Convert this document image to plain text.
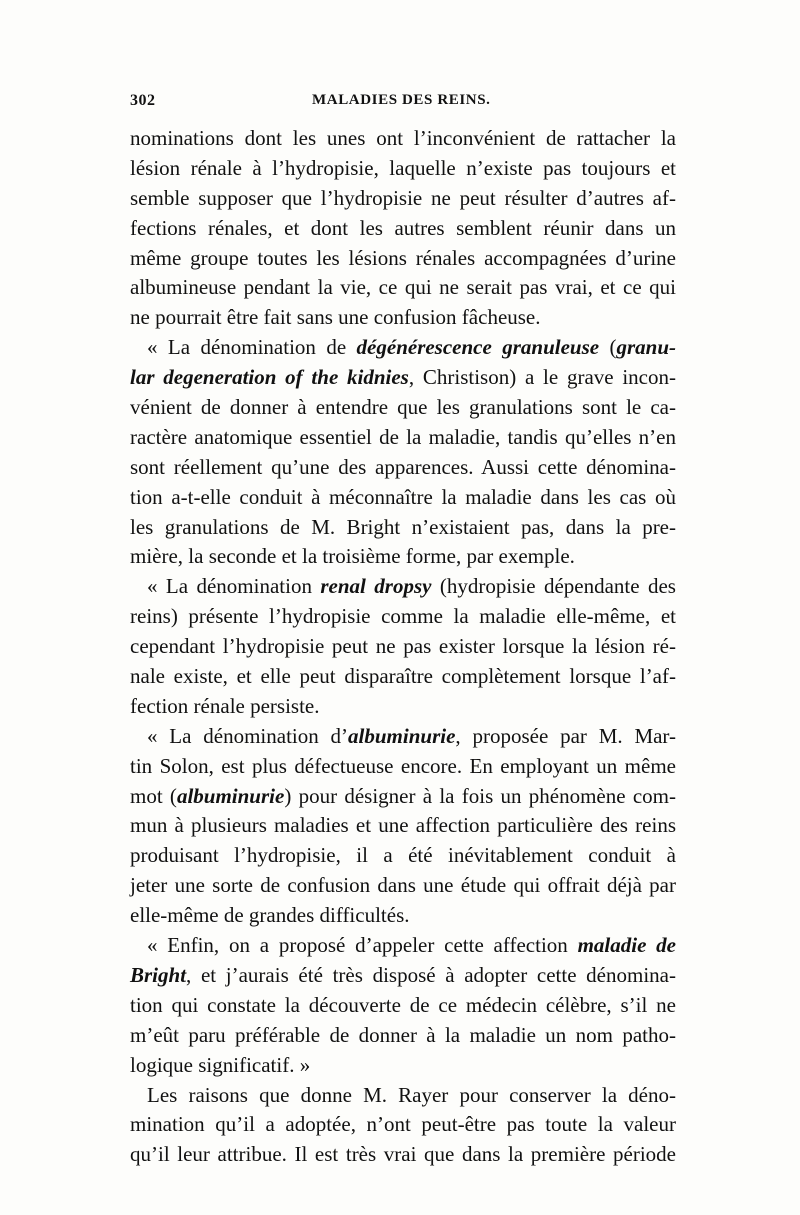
302	MALADIES DES REINS.
nominations dont les unes ont l’inconvénient de rattacher la
lésion rénale à l’hydropisie, laquelle n’existe pas toujours et
semble supposer que l’hydropisie ne peut résulter d’autres af-
fections rénales, et dont les autres semblent réunir dans un
même groupe toutes les lésions rénales accompagnées d’urine
albumineuse pendant la vie, ce qui ne serait pas vrai, et ce qui
ne pourrait être fait sans une confusion fâcheuse.
« La dénomination de dégénérescence granuleuse (granu-
lar degeneration of the kidnies, Christison) a le grave incon-
vénient de donner à entendre que les granulations sont le ca-
ractère anatomique essentiel de la maladie, tandis qu’elles n’en
sont réellement qu’une des apparences. Aussi cette dénomina-
tion a-t-elle conduit à méconnaître la maladie dans les cas où
les granulations de M. Bright n’existaient pas, dans la pre-
mière, la seconde et la troisième forme, par exemple.
« La dénomination renal dropsy (hydropisie dépendante des
reins) présente l’hydropisie comme la maladie elle-même, et
cependant l’hydropisie peut ne pas exister lorsque la lésion ré-
nale existe, et elle peut disparaître complètement lorsque l’af-
fection rénale persiste.
« La dénomination d’albuminurie, proposée par M. Mar-
tin Solon, est plus défectueuse encore. En employant un même
mot (albuminurie) pour désigner à la fois un phénomène com-
mun à plusieurs maladies et une affection particulière des reins
produisant l’hydropisie, il a été inévitablement conduit à
jeter une sorte de confusion dans une étude qui offrait déjà par
elle-même de grandes difficultés.
« Enfin, on a proposé d’appeler cette affection maladie de
Bright, et j’aurais été très disposé à adopter cette dénomina-
tion qui constate la découverte de ce médecin célèbre, s’il ne
m’eût paru préférable de donner à la maladie un nom patho-
logique significatif. »
Les raisons que donne M. Rayer pour conserver la déno-
mination qu’il a adoptée, n’ont peut-être pas toute la valeur
qu’il leur attribue. Il est très vrai que dans la première période
